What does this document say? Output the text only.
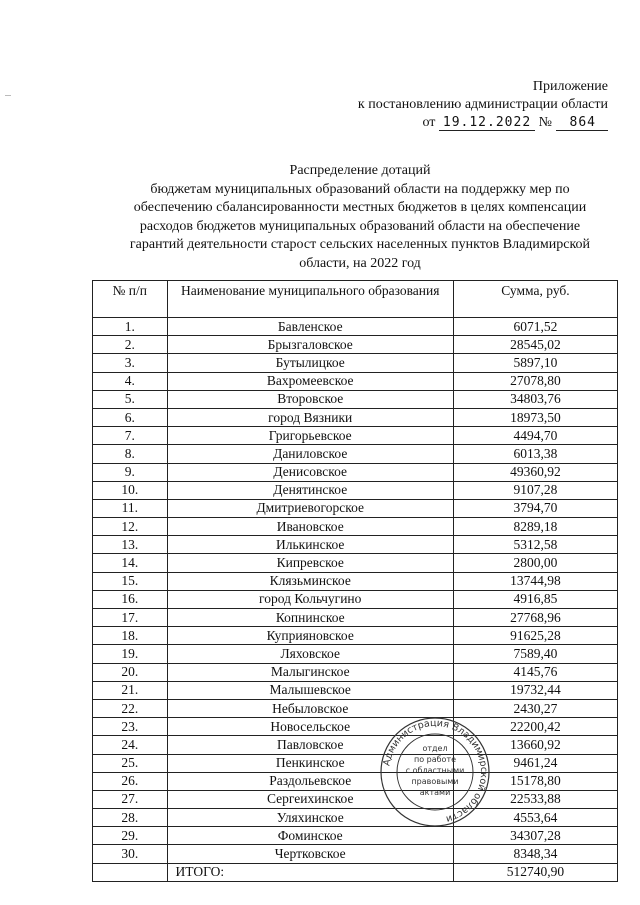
Приложение
к постановлению администрации области
от 19.12.2022 № 864
Распределение дотаций
бюджетам муниципальных образований области на поддержку мер по
обеспечению сбалансированности местных бюджетов в целях компенсации
расходов бюджетов муниципальных образований области на обеспечение
гарантий деятельности старост сельских населенных пунктов Владимирской
области, на 2022 год
№ п/п	Наименование муниципального образования	Сумма, руб.
1.	Бавленское	6071,52
2.	Брызгаловское	28545,02
3.	Бутылицкое	5897,10
4.	Вахромеевское	27078,80
5.	Второвское	34803,76
6.	город Вязники	18973,50
7.	Григорьевское	4494,70
8.	Даниловское	6013,38
9.	Денисовское	49360,92
10.	Денятинское	9107,28
11.	Дмитриевогорское	3794,70
12.	Ивановское	8289,18
13.	Илькинское	5312,58
14.	Кипревское	2800,00
15.	Клязьминское	13744,98
16.	город Кольчугино	4916,85
17.	Копнинское	27768,96
18.	Куприяновское	91625,28
19.	Ляховское	7589,40
20.	Малыгинское	4145,76
21.	Малышевское	19732,44
22.	Небыловское	2430,27
23.	Новосельское	22200,42
24.	Павловское	13660,92
25.	Пенкинское	9461,24
26.	Раздольевское	15178,80
27.	Сергеихинское	22533,88
28.	Уляхинское	4553,64
29.	Фоминское	34307,28
30.	Чертковское	8348,34
	ИТОГО:	512740,90
Администрация Владимирской области
отдел
по работе
с областными
правовыми
актами
